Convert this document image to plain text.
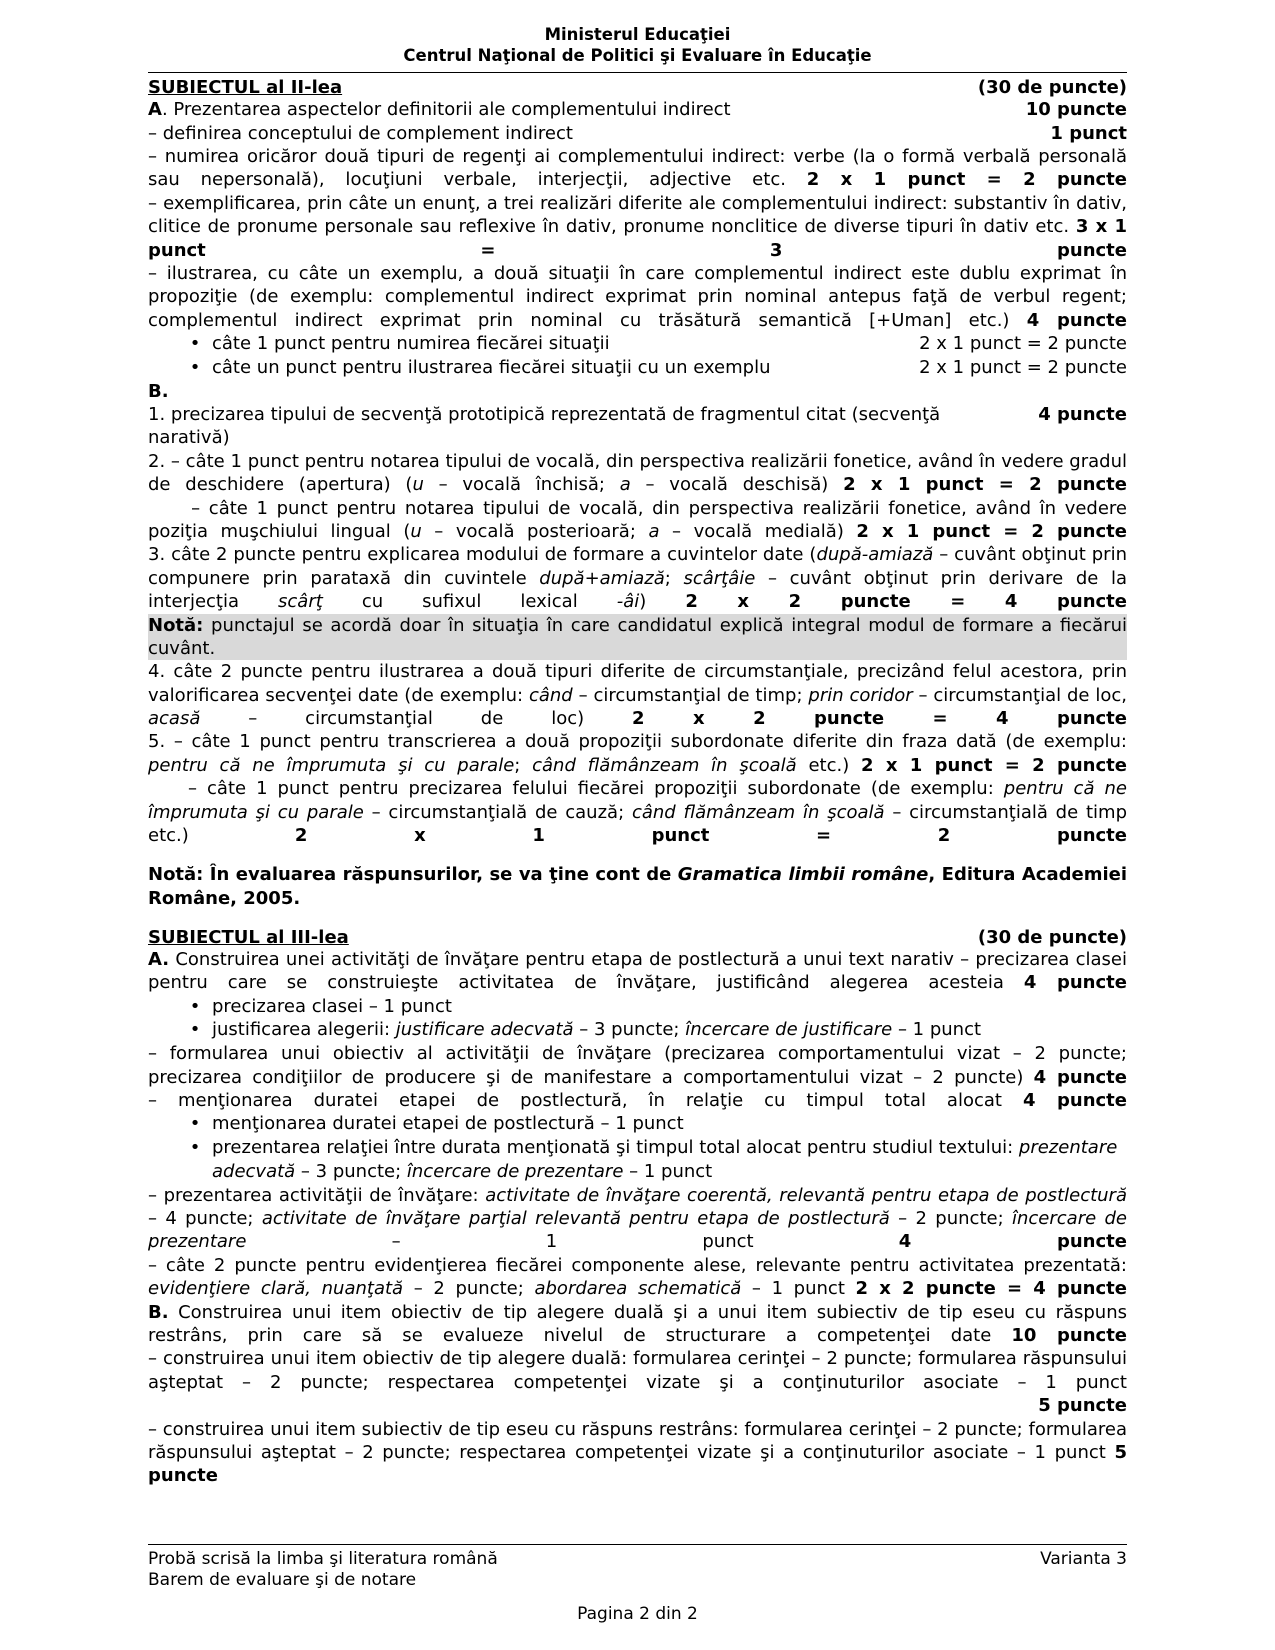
Ministerul Educaţiei
Centrul Naţional de Politici şi Evaluare în Educaţie
SUBIECTUL al II-lea	(30 de puncte)
A. Prezentarea aspectelor definitorii ale complementului indirect	10 puncte
– definirea conceptului de complement indirect	1 punct

– numirea oricăror două tipuri de regenţi ai complementului indirect: verbe (la o formă verbală personală sau nepersonală), locuţiuni verbale, interjecţii, adjective etc. 2 x 1 punct = 2 puncte

– exemplificarea, prin câte un enunţ, a trei realizări diferite ale complementului indirect: substantiv în dativ, clitice de pronume personale sau reflexive în dativ, pronume nonclitice de diverse tipuri în dativ etc. 3 x 1 punct = 3 puncte

– ilustrarea, cu câte un exemplu, a două situaţii în care complementul indirect este dublu exprimat în propoziţie (de exemplu: complementul indirect exprimat prin nominal antepus faţă de verbul regent; complementul indirect exprimat prin nominal cu trăsătură semantică [+Uman] etc.) 4 puncte

• câte 1 punct pentru numirea fiecărei situaţii	2 x 1 punct = 2 puncte
• câte un punct pentru ilustrarea fiecărei situaţii cu un exemplu	2 x 1 punct = 2 puncte

B.

1. precizarea tipului de secvenţă prototipică reprezentată de fragmentul citat (secvenţă narativă)
4 puncte

2. – câte 1 punct pentru notarea tipului de vocală, din perspectiva realizării fonetice, având în vedere gradul de deschidere (apertura) (u – vocală închisă; a – vocală deschisă) 2 x 1 punct = 2 puncte

– câte 1 punct pentru notarea tipului de vocală, din perspectiva realizării fonetice, având în vedere poziţia muşchiului lingual (u – vocală posterioară; a – vocală medială) 2 x 1 punct = 2 puncte

3. câte 2 puncte pentru explicarea modului de formare a cuvintelor date (după-amiază – cuvânt obţinut prin compunere prin parataxă din cuvintele după+amiază; scârţâie – cuvânt obţinut prin derivare de la interjecţia scârţ cu sufixul lexical -âi) 2 x 2 puncte = 4 puncte

Notă: punctajul se acordă doar în situaţia în care candidatul explică integral modul de formare a fiecărui cuvânt.

4. câte 2 puncte pentru ilustrarea a două tipuri diferite de circumstanţiale, precizând felul acestora, prin valorificarea secvenţei date (de exemplu: când – circumstanţial de timp; prin coridor – circumstanţial de loc, acasă – circumstanţial de loc)	2 x 2 puncte = 4 puncte

5. – câte 1 punct pentru transcrierea a două propoziţii subordonate diferite din fraza dată (de exemplu: pentru că ne împrumuta şi cu parale; când flămânzeam în şcoală etc.) 2 x 1 punct = 2 puncte

– câte 1 punct pentru precizarea felului fiecărei propoziţii subordonate (de exemplu: pentru că ne împrumuta şi cu parale – circumstanţială de cauză; când flămânzeam în şcoală – circumstanţială de timp etc.)	2 x 1 punct = 2 puncte

Notă: În evaluarea răspunsurilor, se va ţine cont de Gramatica limbii române, Editura Academiei Române, 2005.

SUBIECTUL al III-lea	(30 de puncte)

A. Construirea unei activităţi de învăţare pentru etapa de postlectură a unui text narativ – precizarea clasei pentru care se construieşte activitatea de învăţare, justificând alegerea acesteia 4 puncte

• precizarea clasei – 1 punct
• justificarea alegerii: justificare adecvată – 3 puncte; încercare de justificare – 1 punct

– formularea unui obiectiv al activităţii de învăţare (precizarea comportamentului vizat – 2 puncte; precizarea condiţiilor de producere şi de manifestare a comportamentului vizat – 2 puncte) 4 puncte

– menţionarea duratei etapei de postlectură, în relaţie cu timpul total alocat 4 puncte

• menţionarea duratei etapei de postlectură – 1 punct
• prezentarea relaţiei între durata menţionată şi timpul total alocat pentru studiul textului: prezentare adecvată – 3 puncte; încercare de prezentare – 1 punct

– prezentarea activităţii de învăţare: activitate de învăţare coerentă, relevantă pentru etapa de postlectură – 4 puncte; activitate de învăţare parţial relevantă pentru etapa de postlectură – 2 puncte; încercare de prezentare – 1 punct	4 puncte

– câte 2 puncte pentru evidenţierea fiecărei componente alese, relevante pentru activitatea prezentată: evidenţiere clară, nuanţată – 2 puncte; abordarea schematică – 1 punct 2 x 2 puncte = 4 puncte

B. Construirea unui item obiectiv de tip alegere duală şi a unui item subiectiv de tip eseu cu răspuns restrâns, prin care să se evalueze nivelul de structurare a competenţei date 10 puncte

– construirea unui item obiectiv de tip alegere duală: formularea cerinţei – 2 puncte; formularea răspunsului aşteptat – 2 puncte; respectarea competenţei vizate şi a conţinuturilor asociate – 1 punct

5 puncte

– construirea unui item subiectiv de tip eseu cu răspuns restrâns: formularea cerinţei – 2 puncte; formularea răspunsului aşteptat – 2 puncte; respectarea competenţei vizate şi a conţinuturilor asociate – 1 punct 5 puncte

Probă scrisă la limba şi literatura română	Varianta 3
Barem de evaluare şi de notare
Pagina 2 din 2
